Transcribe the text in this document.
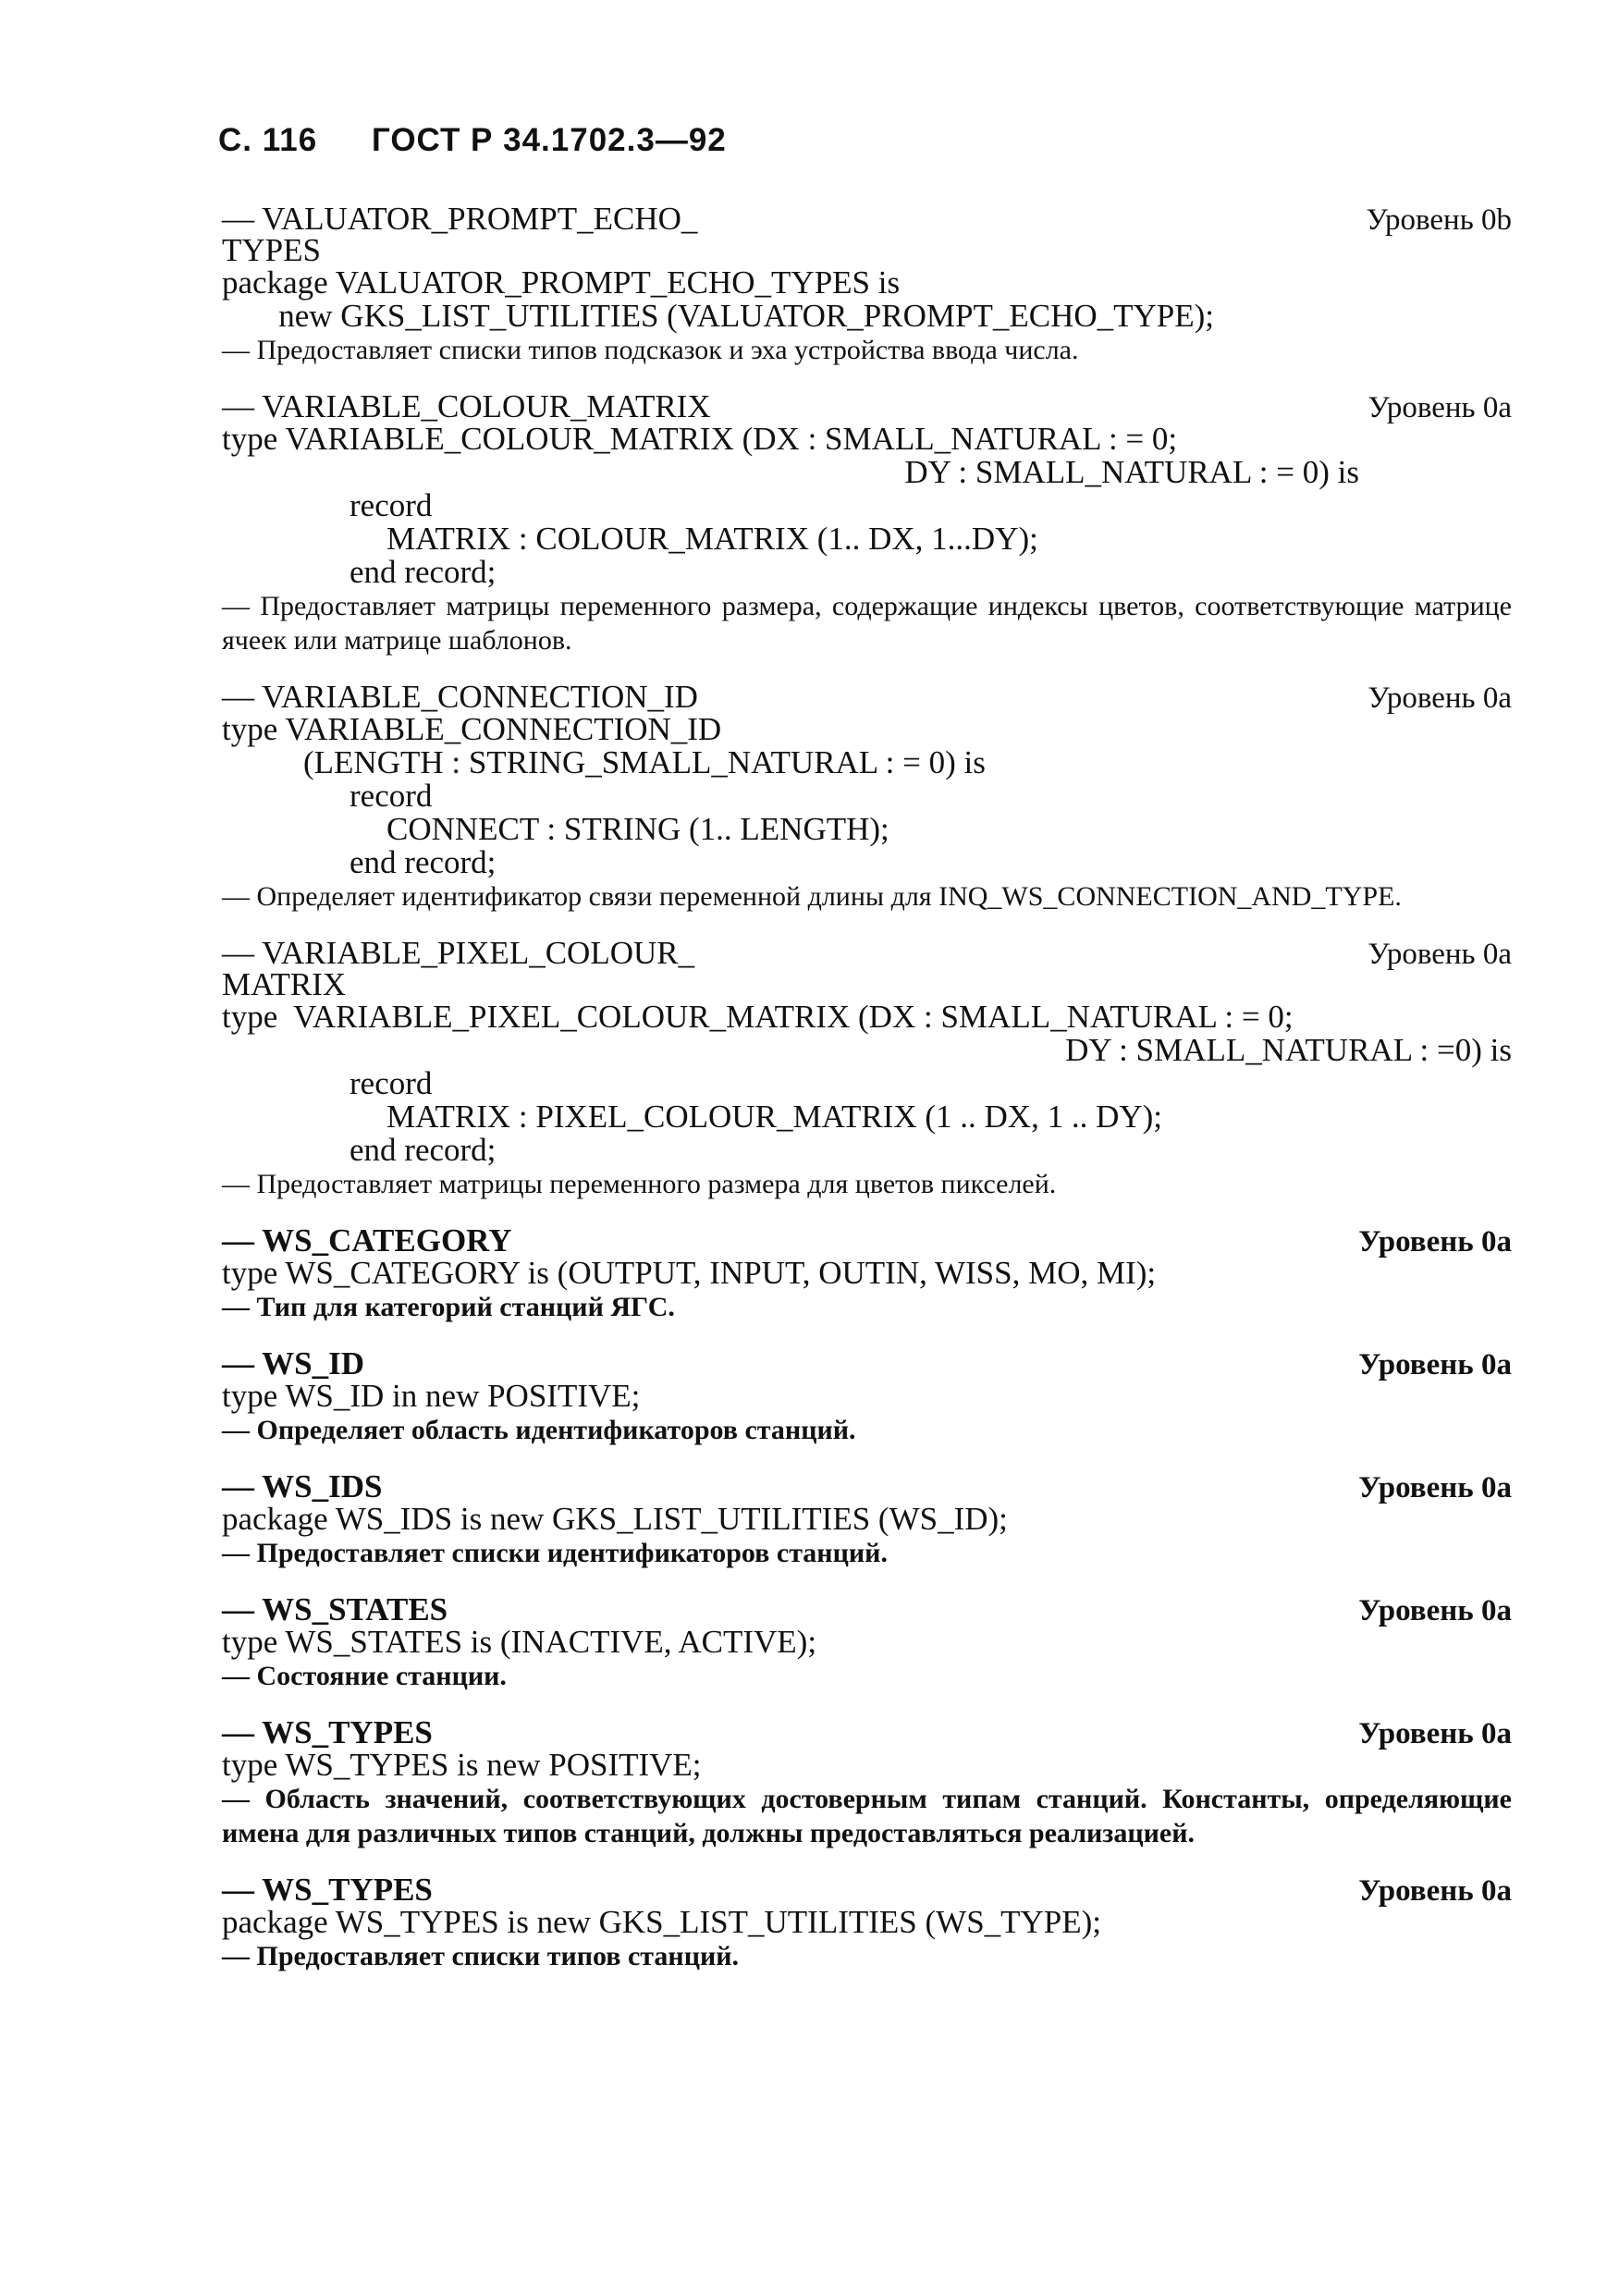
С. 116 ГОСТ Р 34.1702.3—92
— VALUATOR_PROMPT_ECHO_
TYPES
Уровень 0b
package VALUATOR_PROMPT_ECHO_TYPES is
new GKS_LIST_UTILITIES (VALUATOR_PROMPT_ECHO_TYPE);
— Предоставляет списки типов подсказок и эха устройства ввода числа.
— VARIABLE_COLOUR_MATRIX	Уровень 0a
type VARIABLE_COLOUR_MATRIX (DX : SMALL_NATURAL : = 0;
DY : SMALL_NATURAL : = 0) is
record
MATRIX : COLOUR_MATRIX (1.. DX, 1...DY);
end record;
— Предоставляет матрицы переменного размера, содержащие индексы цветов, соответствующие матрице ячеек или матрице шаблонов.
— VARIABLE_CONNECTION_ID	Уровень 0a
type VARIABLE_CONNECTION_ID
(LENGTH : STRING_SMALL_NATURAL : = 0) is
record
CONNECT : STRING (1.. LENGTH);
end record;
— Определяет идентификатор связи переменной длины для INQ_WS_CONNECTION_AND_TYPE.
— VARIABLE_PIXEL_COLOUR_
MATRIX
Уровень 0a
type  VARIABLE_PIXEL_COLOUR_MATRIX (DX : SMALL_NATURAL : = 0;
DY : SMALL_NATURAL : =0) is
record
MATRIX : PIXEL_COLOUR_MATRIX (1 .. DX, 1 .. DY);
end record;
— Предоставляет матрицы переменного размера для цветов пикселей.
— WS_CATEGORY	Уровень 0a
type WS_CATEGORY is (OUTPUT, INPUT, OUTIN, WISS, MO, MI);
— Тип для категорий станций ЯГС.
— WS_ID	Уровень 0a
type WS_ID in new POSITIVE;
— Определяет область идентификаторов станций.
— WS_IDS	Уровень 0a
package WS_IDS is new GKS_LIST_UTILITIES (WS_ID);
— Предоставляет списки идентификаторов станций.
— WS_STATES	Уровень 0a
type WS_STATES is (INACTIVE, ACTIVE);
— Состояние станции.
— WS_TYPES	Уровень 0a
type WS_TYPES is new POSITIVE;
— Область значений, соответствующих достоверным типам станций. Константы, определяющие имена для различных типов станций, должны предоставляться реализацией.
— WS_TYPES	Уровень 0a
package WS_TYPES is new GKS_LIST_UTILITIES (WS_TYPE);
— Предоставляет списки типов станций.
